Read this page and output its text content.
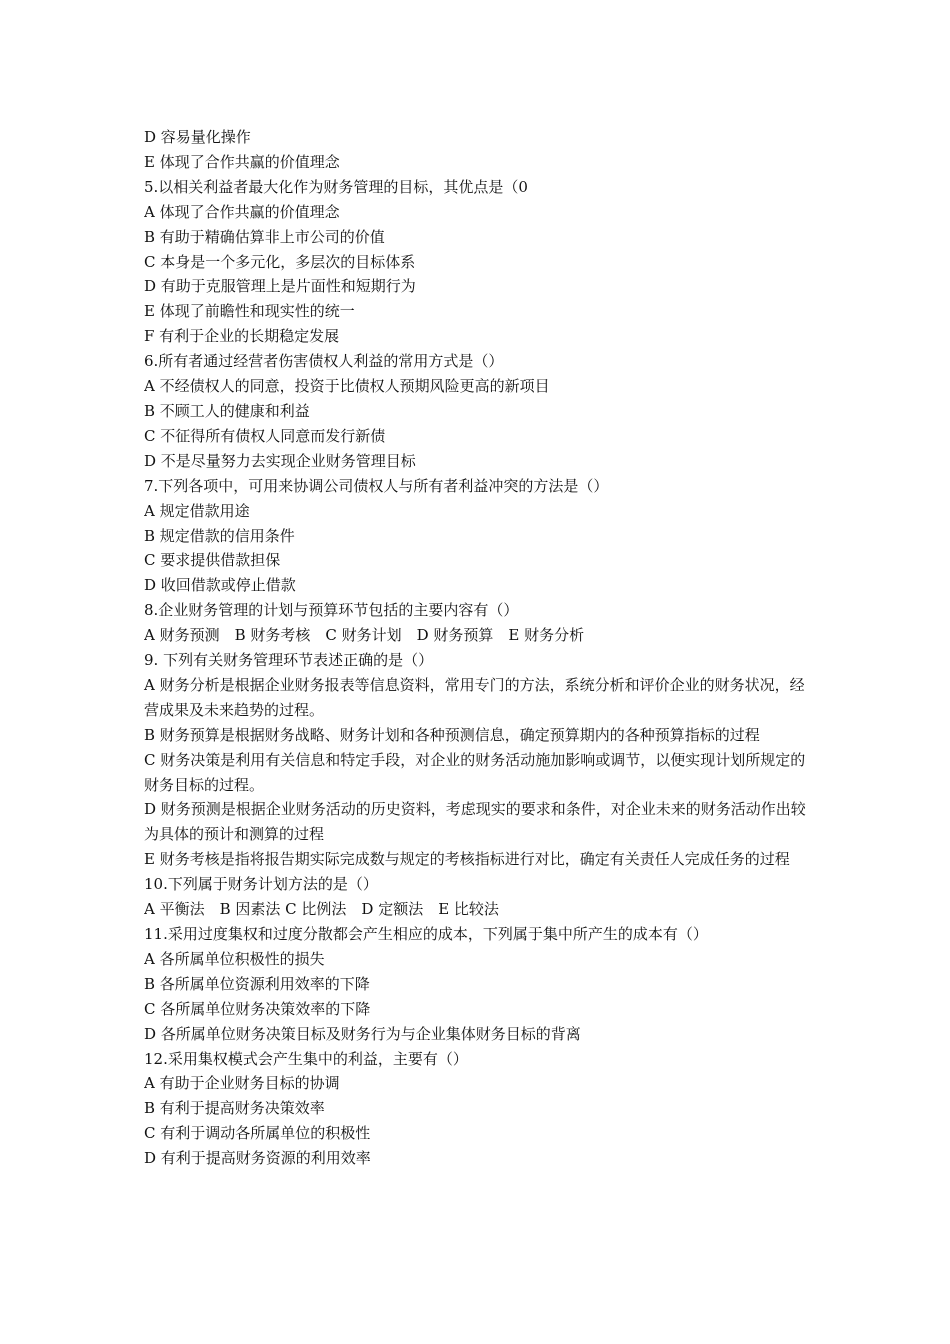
D 容易量化操作
E 体现了合作共赢的价值理念
5.以相关利益者最大化作为财务管理的目标，其优点是（0
A 体现了合作共赢的价值理念
B 有助于精确估算非上市公司的价值
C 本身是一个多元化，多层次的目标体系
D 有助于克服管理上是片面性和短期行为
E 体现了前瞻性和现实性的统一
F 有利于企业的长期稳定发展
6.所有者通过经营者伤害债权人利益的常用方式是（）
A 不经债权人的同意，投资于比债权人预期风险更高的新项目
B 不顾工人的健康和利益
C 不征得所有债权人同意而发行新债
D 不是尽量努力去实现企业财务管理目标
7.下列各项中，可用来协调公司债权人与所有者利益冲突的方法是（）
A 规定借款用途
B 规定借款的信用条件
C 要求提供借款担保
D 收回借款或停止借款
8.企业财务管理的计划与预算环节包括的主要内容有（）
A 财务预测　B 财务考核　C 财务计划　D 财务预算　E 财务分析
9. 下列有关财务管理环节表述正确的是（）
A 财务分析是根据企业财务报表等信息资料，常用专门的方法，系统分析和评价企业的财务状况，经营成果及未来趋势的过程。
B 财务预算是根据财务战略、财务计划和各种预测信息，确定预算期内的各种预算指标的过程
C 财务决策是利用有关信息和特定手段，对企业的财务活动施加影响或调节，以便实现计划所规定的财务目标的过程。
D 财务预测是根据企业财务活动的历史资料，考虑现实的要求和条件，对企业未来的财务活动作出较为具体的预计和测算的过程
E 财务考核是指将报告期实际完成数与规定的考核指标进行对比，确定有关责任人完成任务的过程
10.下列属于财务计划方法的是（）
A 平衡法　B 因素法 C 比例法　D 定额法　E 比较法
11.采用过度集权和过度分散都会产生相应的成本，下列属于集中所产生的成本有（）
A 各所属单位积极性的损失
B 各所属单位资源利用效率的下降
C 各所属单位财务决策效率的下降
D 各所属单位财务决策目标及财务行为与企业集体财务目标的背离
12.采用集权模式会产生集中的利益，主要有（）
A 有助于企业财务目标的协调
B 有利于提高财务决策效率
C 有利于调动各所属单位的积极性
D 有利于提高财务资源的利用效率
